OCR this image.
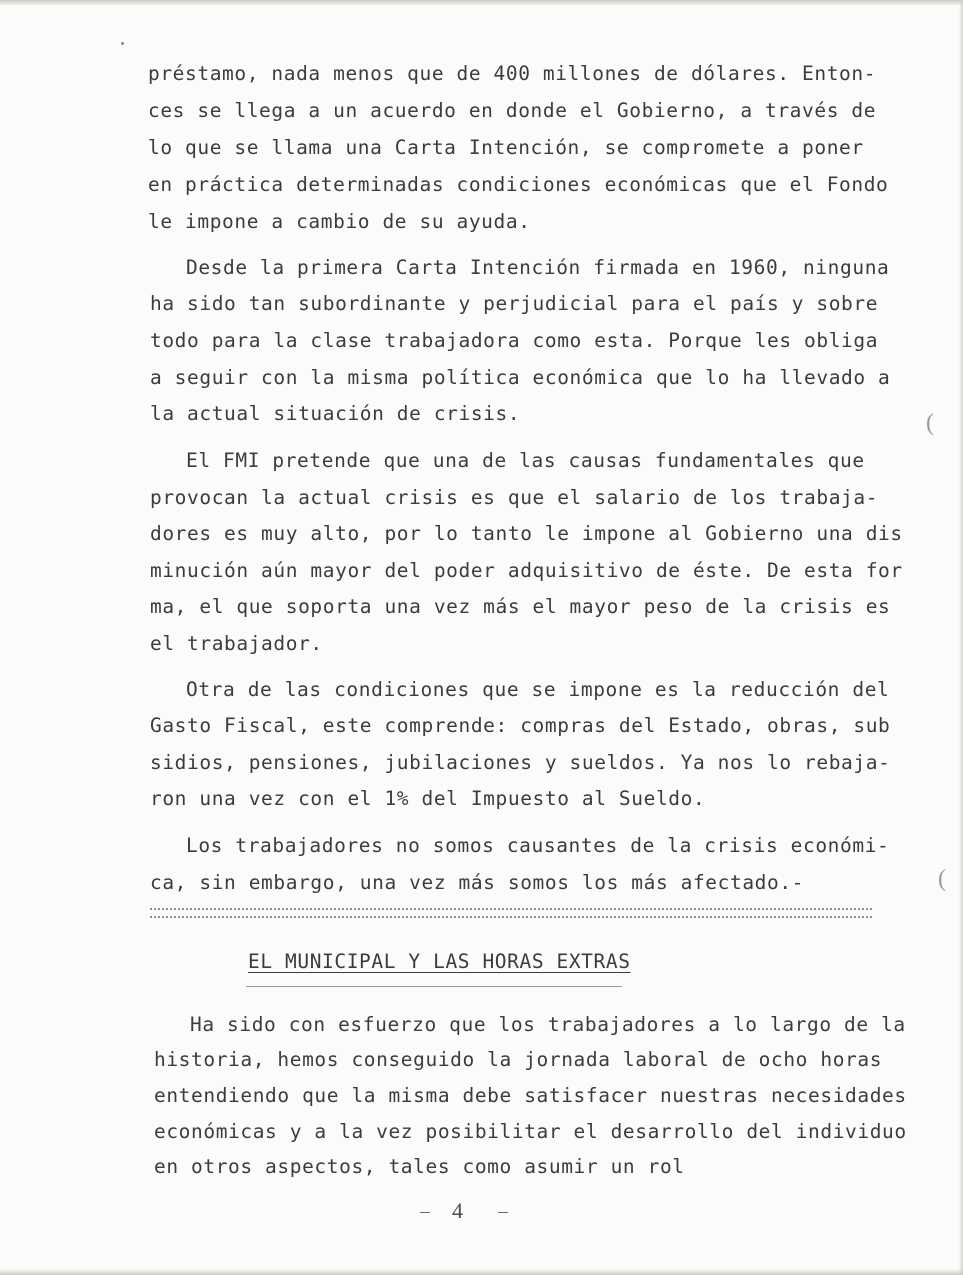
préstamo, nada menos que de 400 millones de dólares. Enton-
ces se llega a un acuerdo en donde el Gobierno, a través de
lo que se llama una Carta Intención, se compromete a poner
en práctica determinadas condiciones económicas que el Fondo
le impone a cambio de su ayuda.
Desde la primera Carta Intención firmada en 1960, ninguna
ha sido tan subordinante y perjudicial para el país y sobre
todo para la clase trabajadora como esta. Porque les obliga
a seguir con la misma política económica que lo ha llevado a
la actual situación de crisis.
El FMI pretende que una de las causas fundamentales que
provocan la actual crisis es que el salario de los trabaja-
dores es muy alto, por lo tanto le impone al Gobierno una dis
minución aún mayor del poder adquisitivo de éste. De esta for
ma, el que soporta una vez más el mayor peso de la crisis es
el trabajador.
Otra de las condiciones que se impone es la reducción del
Gasto Fiscal, este comprende: compras del Estado, obras, sub
sidios, pensiones, jubilaciones y sueldos. Ya nos lo rebaja-
ron una vez con el 1% del Impuesto al Sueldo.
Los trabajadores no somos causantes de la crisis económi-
ca, sin embargo, una vez más somos los más afectado.-
EL MUNICIPAL Y LAS HORAS EXTRAS
Ha sido con esfuerzo que los trabajadores a lo largo de la
historia, hemos conseguido la jornada laboral de ocho horas
entendiendo que la misma debe satisfacer nuestras necesidades
económicas y a la vez posibilitar el desarrollo del individuo
en otros aspectos, tales como asumir un rol
4
(
(
